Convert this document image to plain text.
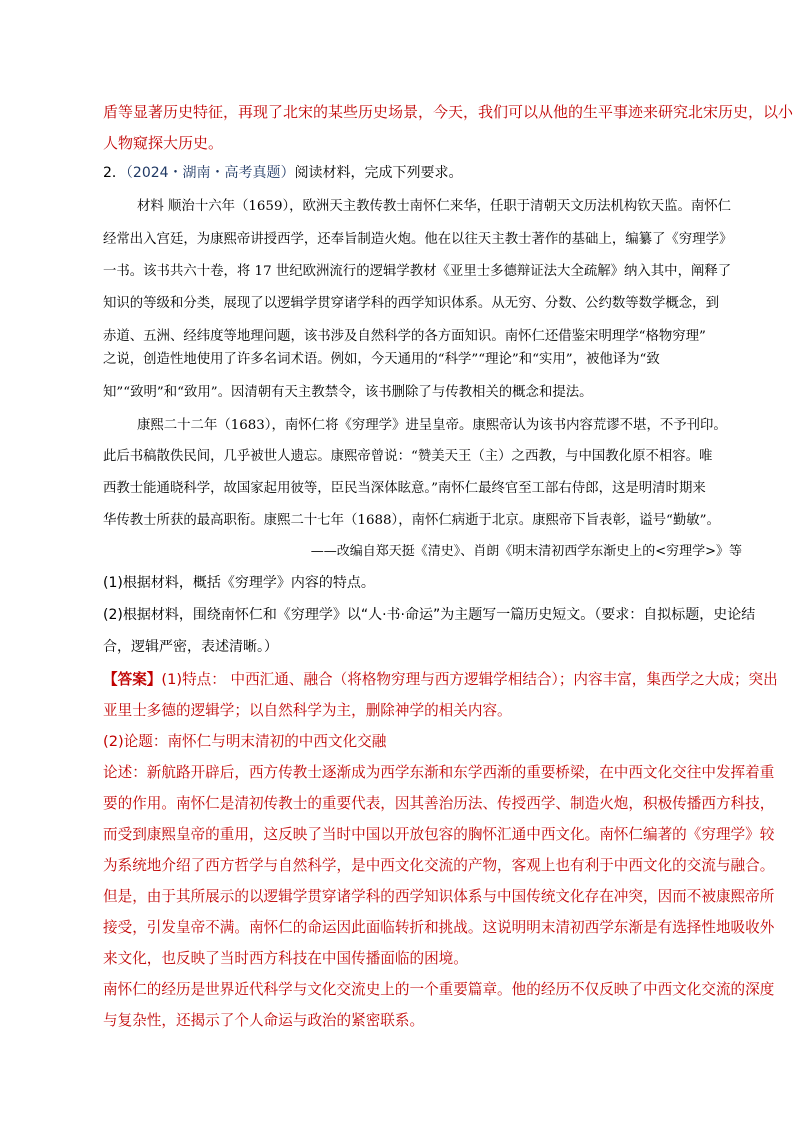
盾等显著历史特征，再现了北宋的某些历史场景，今天，我们可以从他的生平事迹来研究北宋历史，以小
人物窥探大历史。
2．（2024・湖南・高考真题）阅读材料，完成下列要求。
材料 顺治十六年（1659），欧洲天主教传教士南怀仁来华，任职于清朝天文历法机构钦天监。南怀仁
经常出入宫廷，为康熙帝讲授西学，还奉旨制造火炮。他在以往天主教士著作的基础上，编纂了《穷理学》
一书。该书共六十卷，将 17 世纪欧洲流行的逻辑学教材《亚里士多德辩证法大全疏解》纳入其中，阐释了
知识的等级和分类，展现了以逻辑学贯穿诸学科的西学知识体系。从无穷、分数、公约数等数学概念，到
赤道、五洲、经纬度等地理问题，该书涉及自然科学的各方面知识。南怀仁还借鉴宋明理学“格物穷理”
之说，创造性地使用了许多名词术语。例如，今天通用的“科学”“理论”和“实用”，被他译为“致
知”“致明”和“致用”。因清朝有天主教禁令，该书删除了与传教相关的概念和提法。
康熙二十二年（1683），南怀仁将《穷理学》进呈皇帝。康熙帝认为该书内容荒谬不堪，不予刊印。
此后书稿散佚民间，几乎被世人遗忘。康熙帝曾说：“赞美天王（主）之西教，与中国教化原不相容。唯
西教士能通晓科学，故国家起用彼等，臣民当深体眩意。”南怀仁最终官至工部右侍郎，这是明清时期来
华传教士所获的最高职衔。康熙二十七年（1688），南怀仁病逝于北京。康熙帝下旨表彰，谥号“勤敏”。
——改编自郑天挺《清史》、肖朗《明末清初西学东渐史上的<穷理学>》等
(1)根据材料，概括《穷理学》内容的特点。
(2)根据材料，围绕南怀仁和《穷理学》以“人·书·命运”为主题写一篇历史短文。（要求：自拟标题，史论结
合，逻辑严密，表述清晰。）
【答案】(1)特点： 中西汇通、融合（将格物穷理与西方逻辑学相结合）；内容丰富，集西学之大成；突出
亚里士多德的逻辑学；以自然科学为主，删除神学的相关内容。
(2)论题：南怀仁与明末清初的中西文化交融
论述：新航路开辟后，西方传教士逐渐成为西学东渐和东学西渐的重要桥梁，在中西文化交往中发挥着重
要的作用。南怀仁是清初传教士的重要代表，因其善治历法、传授西学、制造火炮，积极传播西方科技，
而受到康熙皇帝的重用，这反映了当时中国以开放包容的胸怀汇通中西文化。南怀仁编著的《穷理学》较
为系统地介绍了西方哲学与自然科学，是中西文化交流的产物，客观上也有利于中西文化的交流与融合。
但是，由于其所展示的以逻辑学贯穿诸学科的西学知识体系与中国传统文化存在冲突，因而不被康熙帝所
接受，引发皇帝不满。南怀仁的命运因此面临转折和挑战。这说明明末清初西学东渐是有选择性地吸收外
来文化，也反映了当时西方科技在中国传播面临的困境。
南怀仁的经历是世界近代科学与文化交流史上的一个重要篇章。他的经历不仅反映了中西文化交流的深度
与复杂性，还揭示了个人命运与政治的紧密联系。
